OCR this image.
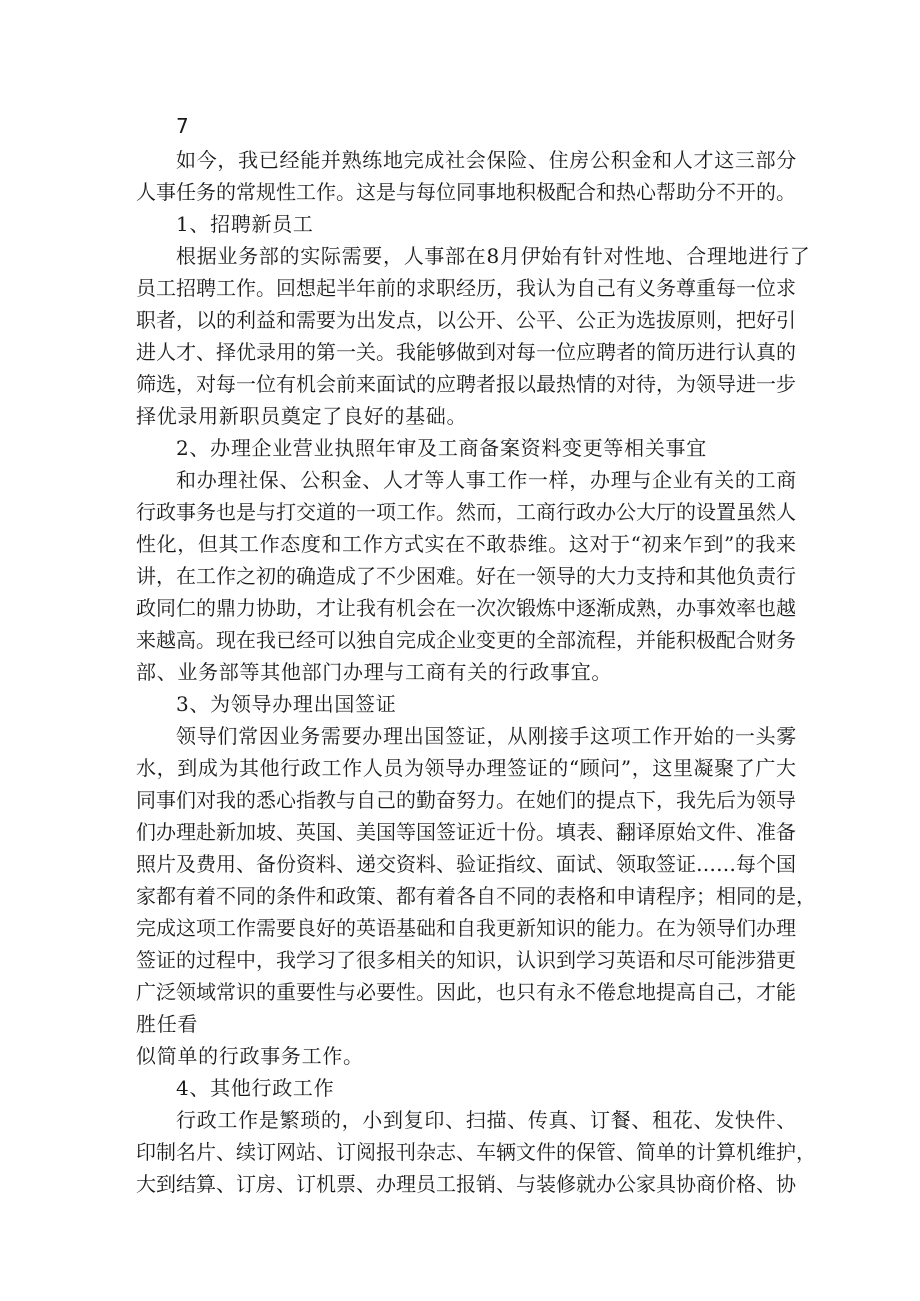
7
如今，我已经能并熟练地完成社会保险、住房公积金和人才这三部分
人事任务的常规性工作。这是与每位同事地积极配合和热心帮助分不开的。
1、招聘新员工
根据业务部的实际需要，人事部在8月伊始有针对性地、合理地进行了
员工招聘工作。回想起半年前的求职经历，我认为自己有义务尊重每一位求
职者，以的利益和需要为出发点，以公开、公平、公正为选拔原则，把好引
进人才、择优录用的第一关。我能够做到对每一位应聘者的简历进行认真的
筛选，对每一位有机会前来面试的应聘者报以最热情的对待，为领导进一步
择优录用新职员奠定了良好的基础。
2、办理企业营业执照年审及工商备案资料变更等相关事宜
和办理社保、公积金、人才等人事工作一样，办理与企业有关的工商
行政事务也是与打交道的一项工作。然而，工商行政办公大厅的设置虽然人
性化，但其工作态度和工作方式实在不敢恭维。这对于“初来乍到”的我来
讲，在工作之初的确造成了不少困难。好在一领导的大力支持和其他负责行
政同仁的鼎力协助，才让我有机会在一次次锻炼中逐渐成熟，办事效率也越
来越高。现在我已经可以独自完成企业变更的全部流程，并能积极配合财务
部、业务部等其他部门办理与工商有关的行政事宜。
3、为领导办理出国签证
领导们常因业务需要办理出国签证，从刚接手这项工作开始的一头雾
水，到成为其他行政工作人员为领导办理签证的“顾问”，这里凝聚了广大
同事们对我的悉心指教与自己的勤奋努力。在她们的提点下，我先后为领导
们办理赴新加坡、英国、美国等国签证近十份。填表、翻译原始文件、准备
照片及费用、备份资料、递交资料、验证指纹、面试、领取签证……每个国
家都有着不同的条件和政策、都有着各自不同的表格和申请程序；相同的是，
完成这项工作需要良好的英语基础和自我更新知识的能力。在为领导们办理
签证的过程中，我学习了很多相关的知识，认识到学习英语和尽可能涉猎更
广泛领域常识的重要性与必要性。因此，也只有永不倦怠地提高自己，才能
胜任看
似简单的行政事务工作。
4、其他行政工作
行政工作是繁琐的，小到复印、扫描、传真、订餐、租花、发快件、
印制名片、续订网站、订阅报刊杂志、车辆文件的保管、简单的计算机维护，
大到结算、订房、订机票、办理员工报销、与装修就办公家具协商价格、协
